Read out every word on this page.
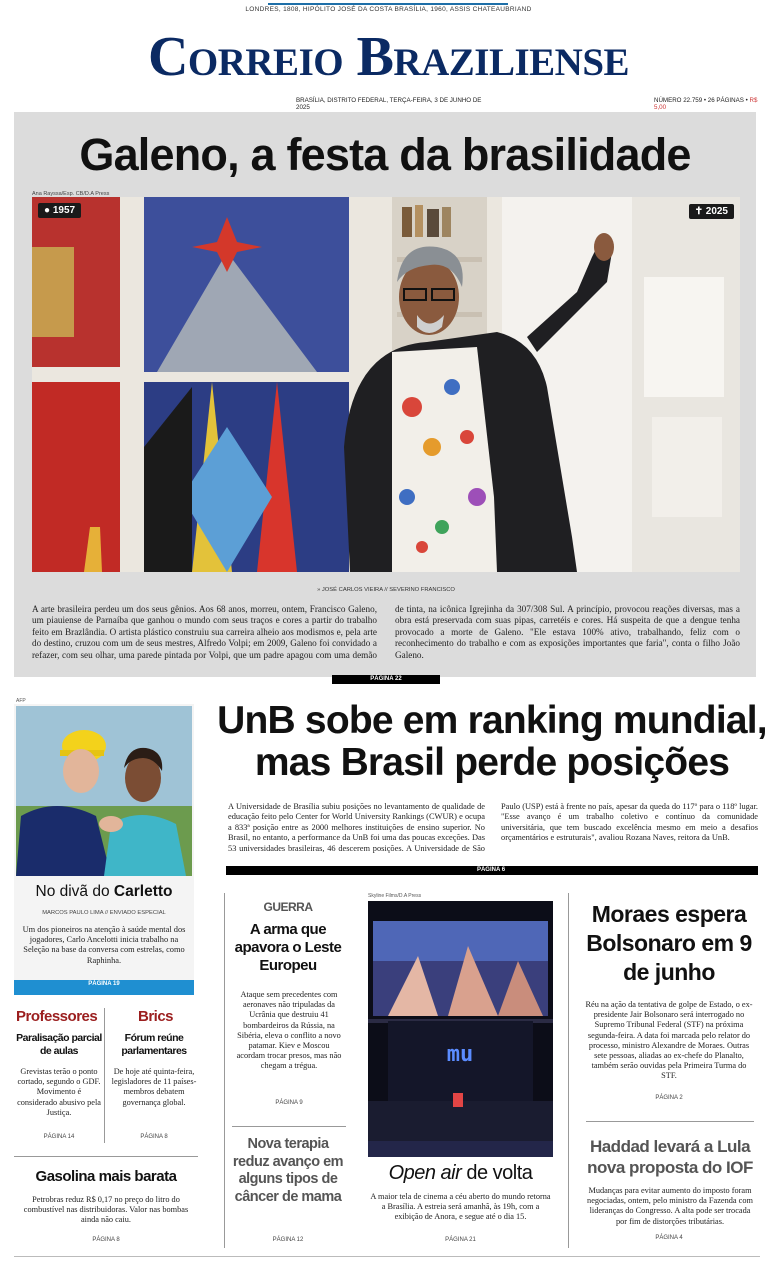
LONDRES, 1808, HIPÓLITO JOSÉ DA COSTA BRASÍLIA, 1960, ASSIS CHATEAUBRIAND
Correio Braziliense
BRASÍLIA, DISTRITO FEDERAL, TERÇA-FEIRA, 3 DE JUNHO DE 2025
NÚMERO 22.759 • 26 PÁGINAS • R$ 5,00
Galeno, a festa da brasilidade
Ana Rayssa/Esp. CB/D.A Press
● 1957	✝ 2025
» JOSÉ CARLOS VIEIRA // SEVERINO FRANCISCO
A arte brasileira perdeu um dos seus gênios. Aos 68 anos, morreu, ontem, Francisco Galeno, um piauiense de Parnaíba que ganhou o mundo com seus traços e cores a partir do trabalho feito em Brazlândia. O artista plástico construiu sua carreira alheio aos modismos e, pela arte do destino, cruzou com um de seus mestres, Alfredo Volpi; em 2009, Galeno foi convidado a refazer, com seu olhar, uma parede pintada por Volpi, que um padre apagou com uma demão de tinta, na icônica Igrejinha da 307/308 Sul. A princípio, provocou reações diversas, mas a obra está preservada com suas pipas, carretéis e cores. Há suspeita de que a dengue tenha provocado a morte de Galeno. "Ele estava 100% ativo, trabalhando, feliz com o reconhecimento do trabalho e com as exposições importantes que faria", conta o filho João Galeno.
PÁGINA 22
UnB sobe em ranking mundial,
mas Brasil perde posições
A Universidade de Brasília subiu posições no levantamento de qualidade de educação feito pelo Center for World University Rankings (CWUR) e ocupa a 833ª posição entre as 2000 melhores instituições de ensino superior. No Brasil, no entanto, a performance da UnB foi uma das poucas exceções. Das 53 universidades brasileiras, 46 descerem posições. A Universidade de São Paulo (USP) está à frente no país, apesar da queda do 117º para o 118º lugar. "Esse avanço é um trabalho coletivo e contínuo da comunidade universitária, que tem buscado excelência mesmo em meio a desafios orçamentários e estruturais", avaliou Rozana Naves, reitora da UnB.
PÁGINA 6
AFP
No divã do Carletto
MARCOS PAULO LIMA // ENVIADO ESPECIAL
Um dos pioneiros na atenção à saúde mental dos jogadores, Carlo Ancelotti inicia trabalho na Seleção na base da conversa com estrelas, como Raphinha.
PÁGINA 19
Professores
Paralisação parcial de aulas
Grevistas terão o ponto cortado, segundo o GDF. Movimento é considerado abusivo pela Justiça.
PÁGINA 14
Brics
Fórum reúne parlamentares
De hoje até quinta-feira, legisladores de 11 países-membros debatem governança global.
PÁGINA 8
Gasolina mais barata
Petrobras reduz R$ 0,17 no preço do litro do combustível nas distribuidoras. Valor nas bombas ainda não caiu.
PÁGINA 8
GUERRA
A arma que apavora o Leste Europeu
Ataque sem precedentes com aeronaves não tripuladas da Ucrânia que destruiu 41 bombardeiros da Rússia, na Sibéria, eleva o conflito a novo patamar. Kiev e Moscou acordam trocar presos, mas não chegam a trégua.
PÁGINA 9
Nova terapia reduz avanço em alguns tipos de câncer de mama
PÁGINA 12
Skyline Films/D.A Press
mu
Open air de volta
A maior tela de cinema a céu aberto do mundo retorna a Brasília. A estreia será amanhã, às 19h, com a exibição de Anora, e segue até o dia 15.
PÁGINA 21
Moraes espera Bolsonaro em 9 de junho
Réu na ação da tentativa de golpe de Estado, o ex-presidente Jair Bolsonaro será interrogado no Supremo Tribunal Federal (STF) na próxima segunda-feira. A data foi marcada pelo relator do processo, ministro Alexandre de Moraes. Outras sete pessoas, aliadas ao ex-chefe do Planalto, também serão ouvidas pela Primeira Turma do STF.
PÁGINA 2
Haddad levará a Lula nova proposta do IOF
Mudanças para evitar aumento do imposto foram negociadas, ontem, pelo ministro da Fazenda com lideranças do Congresso. A alta pode ser trocada por fim de distorções tributárias.
PÁGINA 4
